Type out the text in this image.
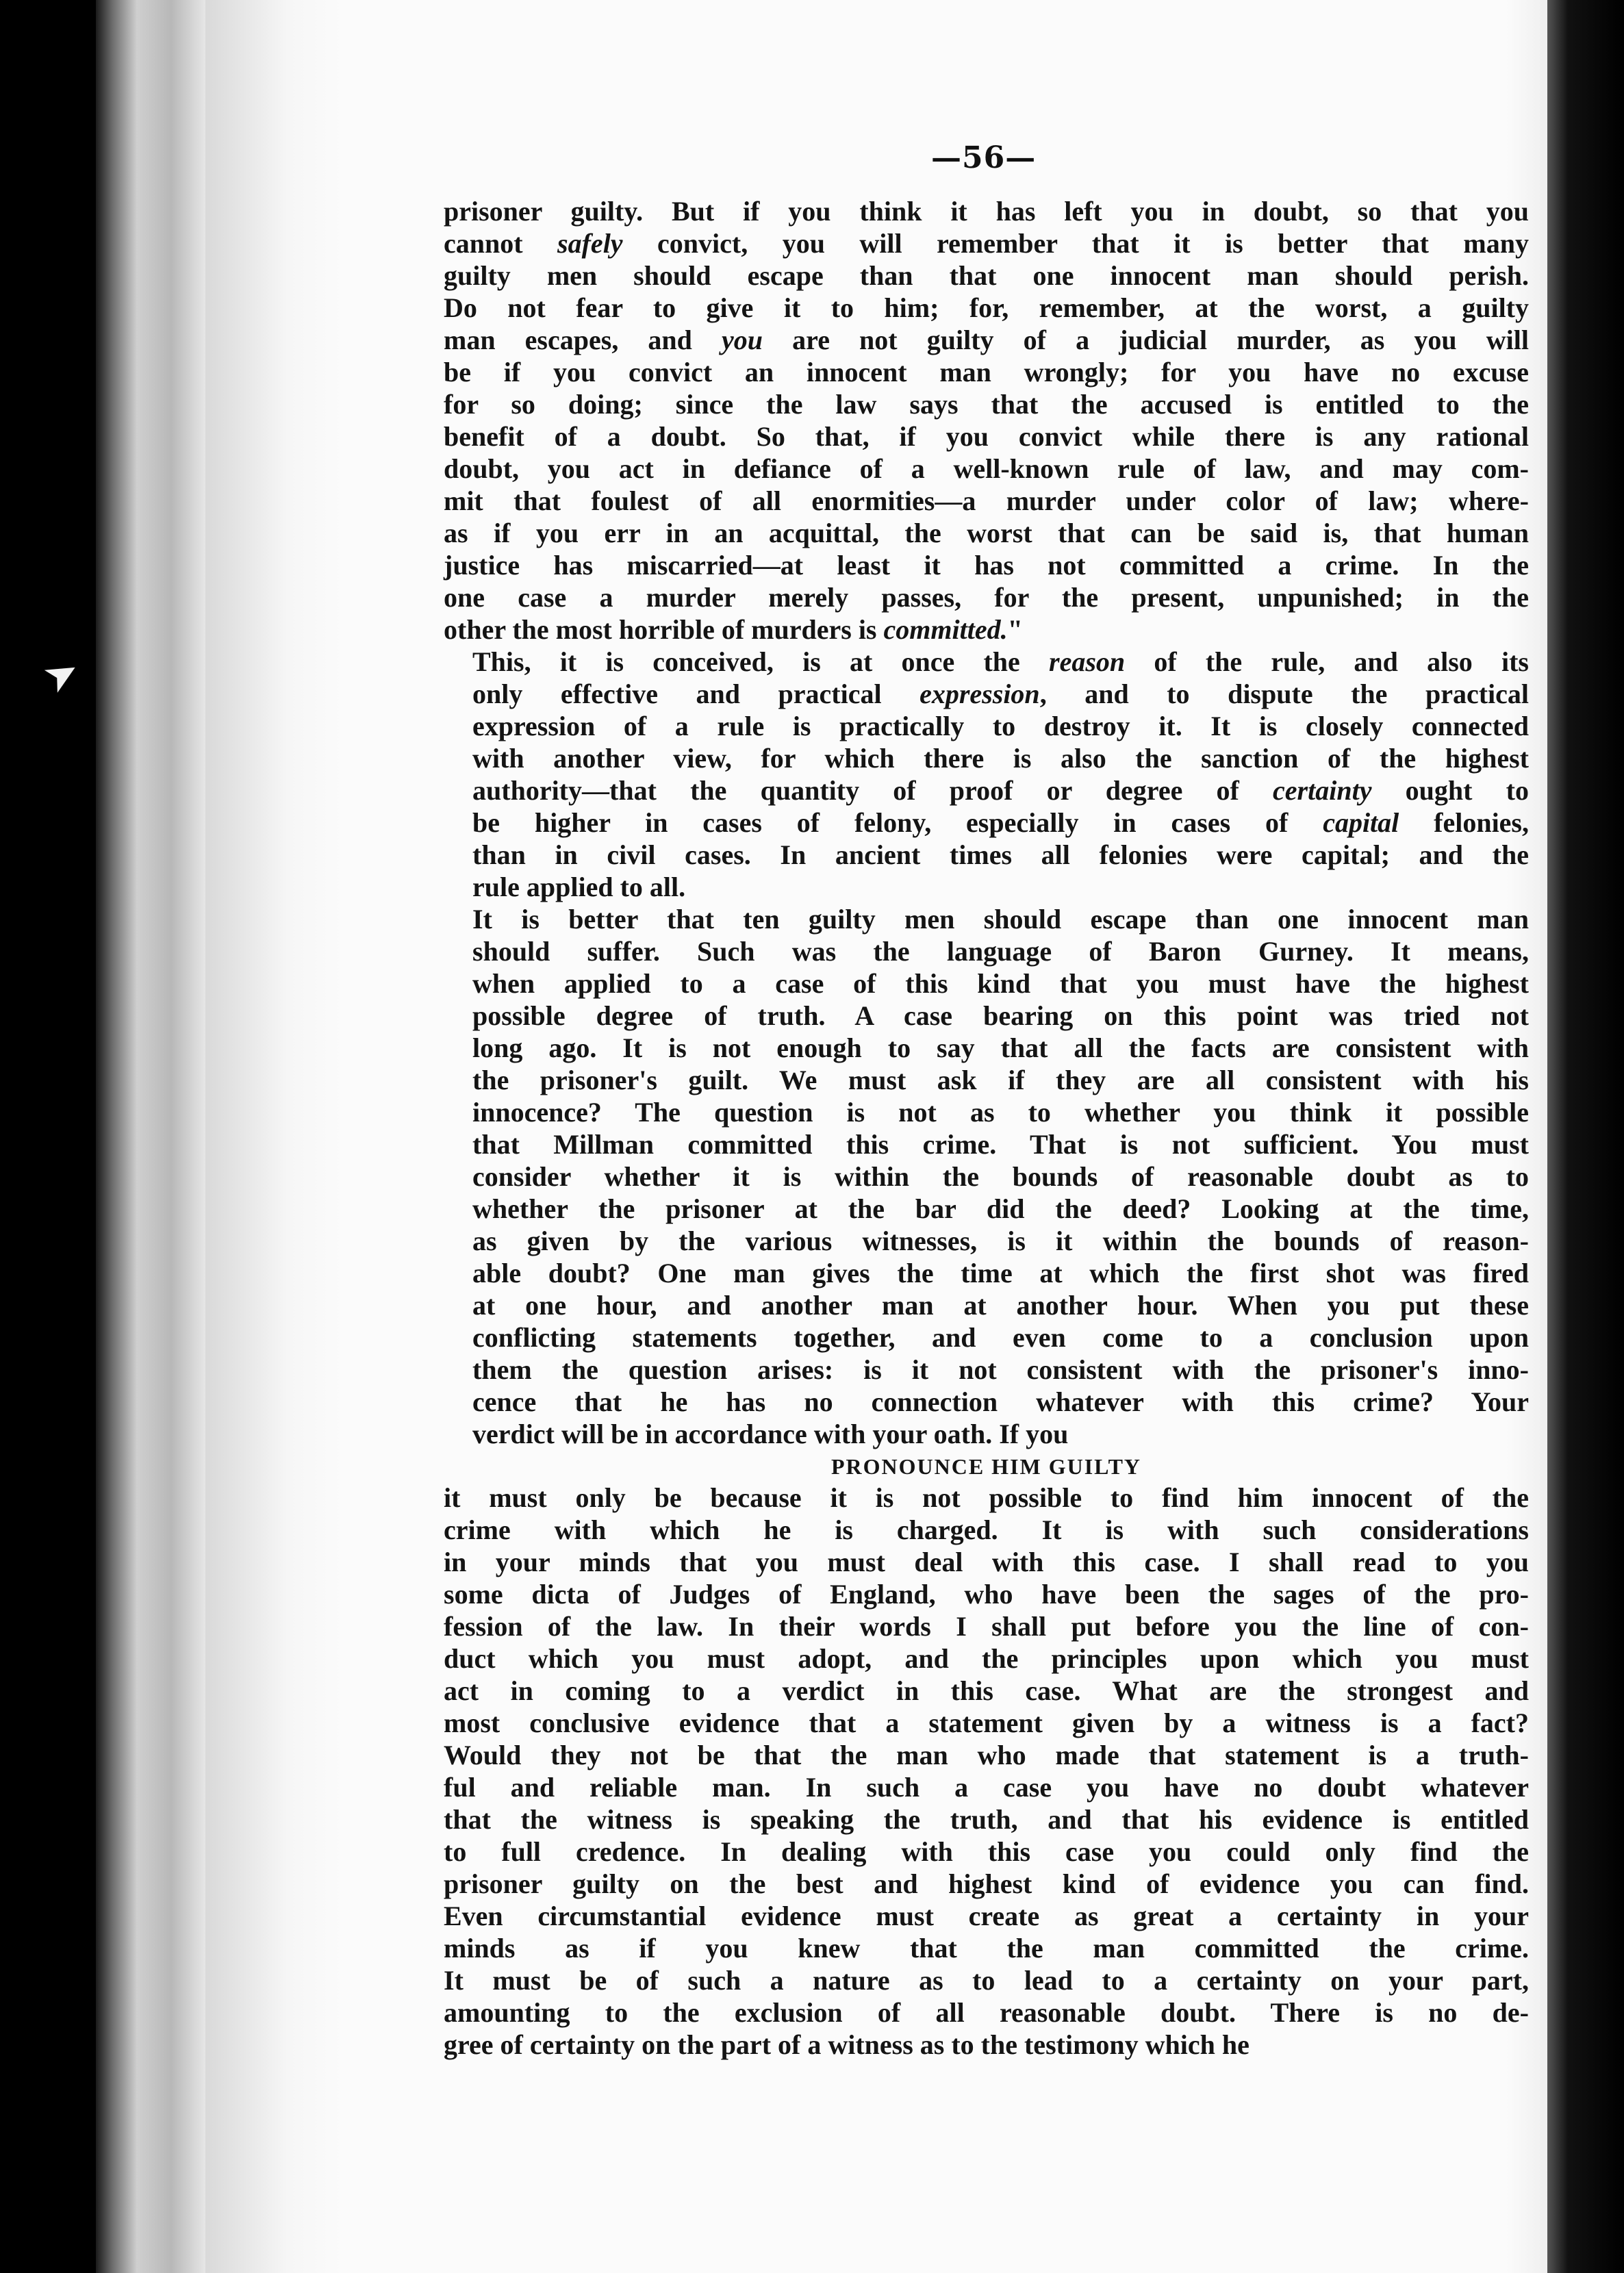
➤
—56—

prisoner guilty. But if you think it has left you in doubt, so that you
cannot safely convict, you will remember that it is better that many
guilty men should escape than that one innocent man should perish.
Do not fear to give it to him; for, remember, at the worst, a guilty
man escapes, and you are not guilty of a judicial murder, as you will
be if you convict an innocent man wrongly; for you have no excuse
for so doing; since the law says that the accused is entitled to the
benefit of a doubt. So that, if you convict while there is any rational
doubt, you act in defiance of a well-known rule of law, and may com-
mit that foulest of all enormities—a murder under color of law; where-
as if you err in an acquittal, the worst that can be said is, that human
justice has miscarried—at least it has not committed a crime. In the
one case a murder merely passes, for the present, unpunished; in the
other the most horrible of murders is committed."

This, it is conceived, is at once the reason of the rule, and also its
only effective and practical expression, and to dispute the practical
expression of a rule is practically to destroy it. It is closely connected
with another view, for which there is also the sanction of the highest
authority—that the quantity of proof or degree of certainty ought to
be higher in cases of felony, especially in cases of capital felonies,
than in civil cases. In ancient times all felonies were capital; and the
rule applied to all.

It is better that ten guilty men should escape than one innocent man
should suffer. Such was the language of Baron Gurney. It means,
when applied to a case of this kind that you must have the highest
possible degree of truth. A case bearing on this point was tried not
long ago. It is not enough to say that all the facts are consistent with
the prisoner's guilt. We must ask if they are all consistent with his
innocence? The question is not as to whether you think it possible
that Millman committed this crime. That is not sufficient. You must
consider whether it is within the bounds of reasonable doubt as to
whether the prisoner at the bar did the deed? Looking at the time,
as given by the various witnesses, is it within the bounds of reason-
able doubt? One man gives the time at which the first shot was fired
at one hour, and another man at another hour. When you put these
conflicting statements together, and even come to a conclusion upon
them the question arises: is it not consistent with the prisoner's inno-
cence that he has no connection whatever with this crime? Your
verdict will be in accordance with your oath. If you

PRONOUNCE HIM GUILTY

it must only be because it is not possible to find him innocent of the
crime with which he is charged. It is with such considerations
in your minds that you must deal with this case. I shall read to you
some dicta of Judges of England, who have been the sages of the pro-
fession of the law. In their words I shall put before you the line of con-
duct which you must adopt, and the principles upon which you must
act in coming to a verdict in this case. What are the strongest and
most conclusive evidence that a statement given by a witness is a fact?
Would they not be that the man who made that statement is a truth-
ful and reliable man. In such a case you have no doubt whatever
that the witness is speaking the truth, and that his evidence is entitled
to full credence. In dealing with this case you could only find the
prisoner guilty on the best and highest kind of evidence you can find.
Even circumstantial evidence must create as great a certainty in your
minds as if you knew that the man committed the crime.
It must be of such a nature as to lead to a certainty on your part,
amounting to the exclusion of all reasonable doubt. There is no de-
gree of certainty on the part of a witness as to the testimony which he
